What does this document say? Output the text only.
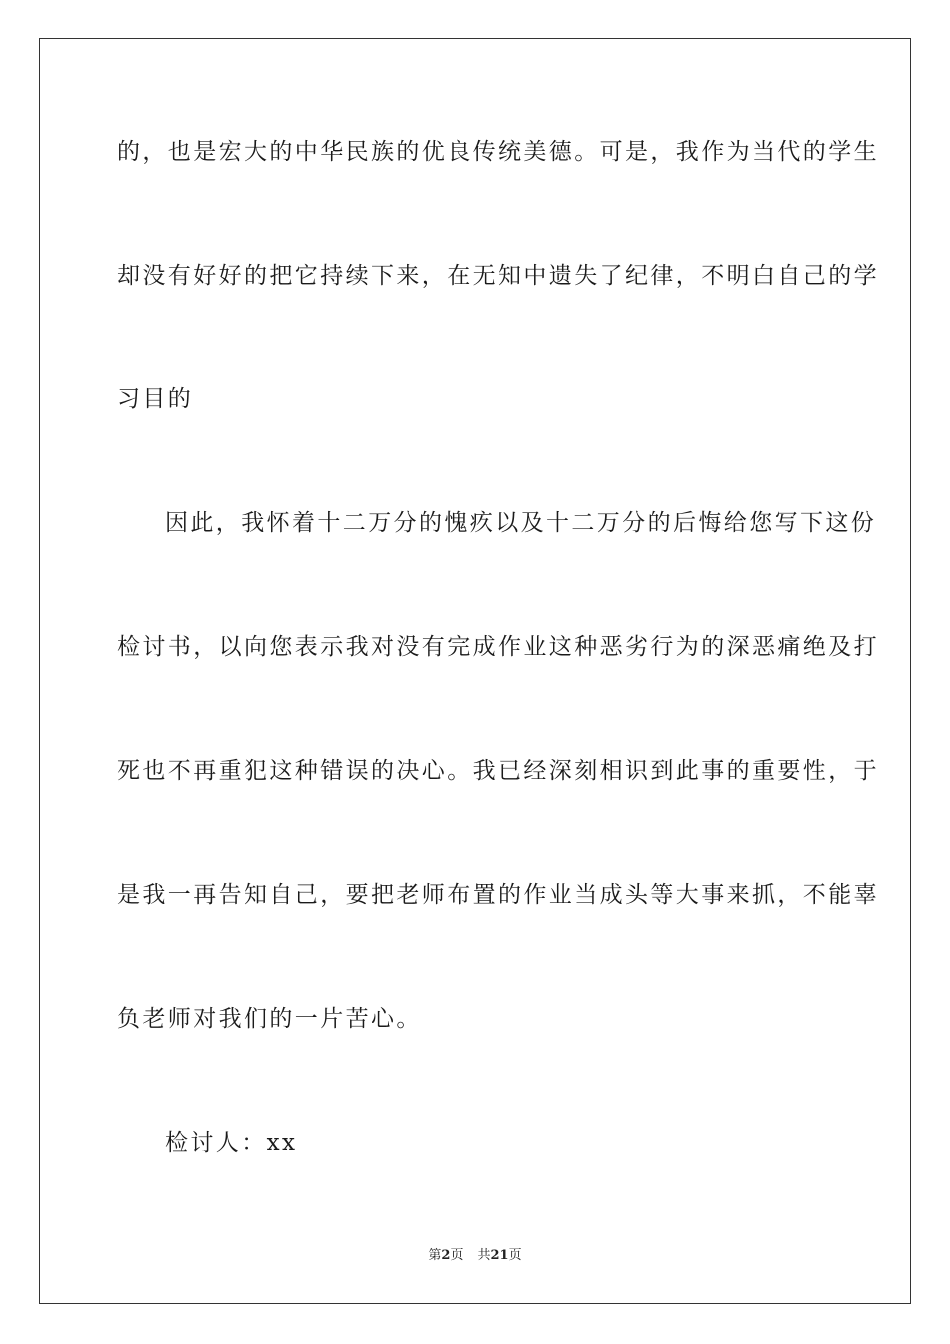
的，也是宏大的中华民族的优良传统美德。可是，我作为当代的学生
却没有好好的把它持续下来，在无知中遗失了纪律，不明白自己的学
习目的
因此，我怀着十二万分的愧疚以及十二万分的后悔给您写下这份
检讨书，以向您表示我对没有完成作业这种恶劣行为的深恶痛绝及打
死也不再重犯这种错误的决心。我已经深刻相识到此事的重要性，于
是我一再告知自己，要把老师布置的作业当成头等大事来抓，不能辜
负老师对我们的一片苦心。
检讨人：xx
第2页 共21页
